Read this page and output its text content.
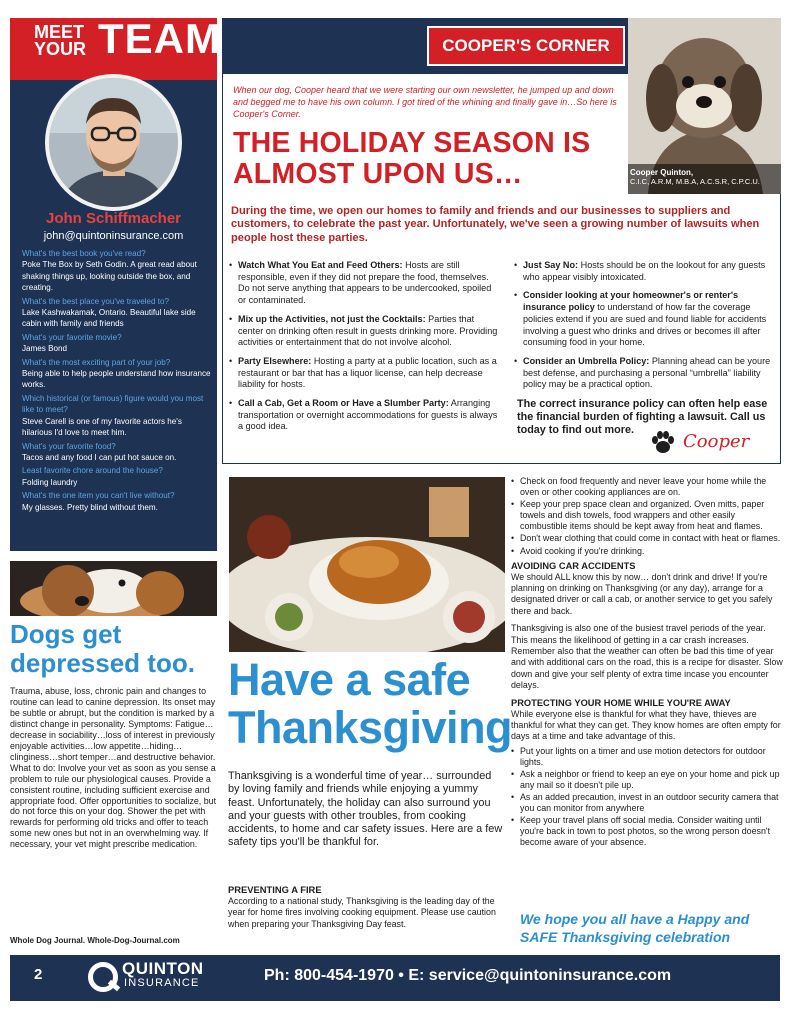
MEET YOUR TEAM
John Schiffmacher
john@quintoninsurance.com
What's the best book you've read?
Poke The Box by Seth Godin. A great read about shaking things up, looking outside the box, and creating.
What's the best place you've traveled to?
Lake Kashwakamak, Ontario. Beautiful lake side cabin with family and friends
What's your favorite movie?
James Bond
What's the most exciting part of your job?
Being able to help people understand how insurance works.
Which historical (or famous) figure would you most like to meet?
Steve Carell is one of my favorite actors he's hilarious I'd love to meet him.
What's your favorite food?
Tacos and any food I can put hot sauce on.
Least favorite chore around the house?
Folding laundry
What's the one item you can't live without?
My glasses. Pretty blind without them.
Dogs get depressed too.

Trauma, abuse, loss, chronic pain and changes to routine can lead to canine depression. Its onset may be subtle or abrupt, but the condition is marked by a distinct change in personality. Symptoms: Fatigue…decrease in sociability…loss of interest in previously enjoyable activities…low appetite…hiding…clinginess…short temper…and destructive behavior. What to do: Involve your vet as soon as you sense a problem to rule our physiological causes. Provide a consistent routine, including sufficient exercise and appropriate food. Offer opportunities to socialize, but do not force this on your dog. Shower the pet with rewards for performing old tricks and offer to teach some new ones but not in an overwhelming way. If necessary, your vet might prescribe medication.

Whole Dog Journal. Whole-Dog-Journal.com
COOPER'S CORNER
Cooper Quinton,
C.I.C, A.R.M, M.B.A, A.C.S.R, C.P.C.U.

When our dog, Cooper heard that we were starting our own newsletter, he jumped up and down and begged me to have his own column. I got tired of the whining and finally gave in…So here is Cooper's Corner.

THE HOLIDAY SEASON IS ALMOST UPON US…

During the time, we open our homes to family and friends and our businesses to suppliers and customers, to celebrate the past year. Unfortunately, we've seen a growing number of lawsuits when people host these parties.

• Watch What You Eat and Feed Others: Hosts are still responsible, even if they did not prepare the food, themselves. Do not serve anything that appears to be undercooked, spoiled or contaminated.
• Mix up the Activities, not just the Cocktails: Parties that center on drinking often result in guests drinking more. Providing activities or entertainment that do not involve alcohol.
• Party Elsewhere: Hosting a party at a public location, such as a restaurant or bar that has a liquor license, can help decrease liability for hosts.
• Call a Cab, Get a Room or Have a Slumber Party: Arranging transportation or overnight accommodations for guests is always a good idea.
• Just Say No: Hosts should be on the lookout for any guests who appear visibly intoxicated.
• Consider looking at your homeowner's or renter's insurance policy to understand of how far the coverage policies extend if you are sued and found liable for accidents involving a guest who drinks and drives or becomes ill after consuming food in your home.
• Consider an Umbrella Policy: Planning ahead can be youre best defense, and purchasing a personal “umbrella” liability policy may be a practical option.

The correct insurance policy can often help ease the financial burden of fighting a lawsuit. Call us today to find out more.

Cooper
Have a safe Thanksgiving

Thanksgiving is a wonderful time of year… surrounded by loving family and friends while enjoying a yummy feast. Unfortunately, the holiday can also surround you and your guests with other troubles, from cooking accidents, to home and car safety issues. Here are a few safety tips you'll be thankful for.

PREVENTING A FIRE

According to a national study, Thanksgiving is the leading day of the year for home fires involving cooking equipment. Please use caution when preparing your Thanksgiving Day feast.

• Check on food frequently and never leave your home while the oven or other cooking appliances are on.
• Keep your prep space clean and organized. Oven mitts, paper towels and dish towels, food wrappers and other easily combustible items should be kept away from heat and flames.
• Don't wear clothing that could come in contact with heat or flames.
• Avoid cooking if you're drinking.
AVOIDING CAR ACCIDENTS

We should ALL know this by now… don't drink and drive! If you're planning on drinking on Thanksgiving (or any day), arrange for a designated driver or call a cab, or another service to get you safely there and back.

Thanksgiving is also one of the busiest travel periods of the year. This means the likelihood of getting in a car crash increases. Remember also that the weather can often be bad this time of year and with additional cars on the road, this is a recipe for disaster. Slow down and give your self plenty of extra time incase you encounter delays.

PROTECTING YOUR HOME WHILE YOU'RE AWAY

While everyone else is thankful for what they have, thieves are thankful for what they can get. They know homes are often empty for days at a time and take advantage of this.

• Put your lights on a timer and use motion detectors for outdoor lights.
• Ask a neighbor or friend to keep an eye on your home and pick up any mail so it doesn't pile up.
• As an added precaution, invest in an outdoor security camera that you can monitor from anywhere
• Keep your travel plans off social media. Consider waiting until you're back in town to post photos, so the wrong person doesn't become aware of your absence.
We hope you all have a Happy and SAFE Thanksgiving celebration
2	QUINTON
INSURANCE	Ph: 800-454-1970 • E: service@quintoninsurance.com
